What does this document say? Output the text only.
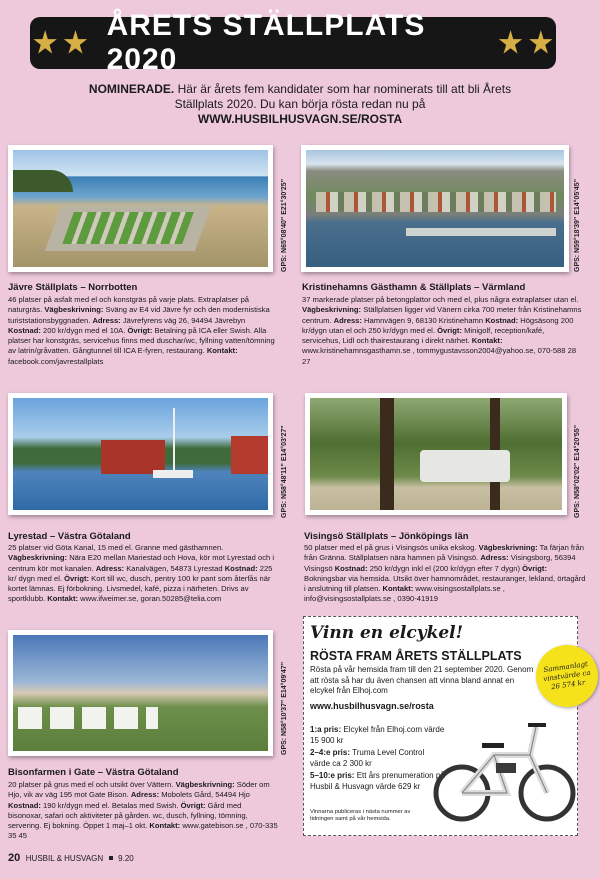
ÅRETS STÄLLPLATS 2020
NOMINERADE. Här är årets fem kandidater som har nominerats till att bli Årets Ställplats 2020. Du kan börja rösta redan nu på
WWW.HUSBILHUSVAGN.SE/ROSTA
GPS: N65°08'40" E21°30'25"
Jävre Ställplats – Norrbotten
46 platser på asfalt med el och konstgräs på varje plats. Extraplatser på naturgräs. Vägbeskrivning: Sväng av E4 vid Jävre fyr och den modernistiska turiststationsbyggnaden. Adress: Jävrefyrens väg 26, 94494 Jävrebyn Kostnad: 200 kr/dygn med el 10A. Övrigt: Betalning på ICA eller Swish. Alla platser har konstgräs, servicehus finns med duschar/wc, fyllning vatten/tömning av latrin/gråvatten. Gångtunnel till ICA E-fyren, restaurang. Kontakt: facebook.com/javrestallplats
GPS: N59°18'39" E14°05'45"
Kristinehamns Gästhamn & Ställplats – Värmland
37 markerade platser på betongplattor och med el, plus några extraplatser utan el. Vägbeskrivning: Ställplatsen ligger vid Vänern cirka 700 meter från Kristinehamns centrum. Adress: Hamnvägen 9, 68130 Kristinehamn Kostnad: Högsäsong 200 kr/dygn utan el och 250 kr/dygn med el. Övrigt: Minigolf, reception/kafé, servicehus, Lidl och thairestaurang i direkt närhet. Kontakt: www.kristinehamnsgasthamn.se , tommygustavsson2004@yahoo.se, 070-588 28 27
GPS: N58°48'11" E14°03'27"
Lyrestad – Västra Götaland
25 platser vid Göta Kanal, 15 med el. Granne med gästhamnen. Vägbeskrivning: Nära E20 mellan Mariestad och Hova, kör mot Lyrestad och i centrum kör mot kanalen. Adress: Kanalvägen, 54873 Lyrestad Kostnad: 225 kr/ dygn med el. Övrigt: Kort till wc, dusch, pentry 100 kr pant som återfås när kortet lämnas. Ej förbokning. Livsmedel, kafé, pizza i närheten. Drivs av sportklubb. Kontakt: www.ifweimer.se, goran.50285@telia.com
GPS: N58°02'02" E14°20'55"
Visingsö Ställplats – Jönköpings län
50 platser med el på grus i Visingsös unika ekskog. Vägbeskrivning: Ta färjan från från Gränna. Ställplatsen nära hamnen på Visingsö. Adress: Visingsborg, 56394 Visingsö Kostnad: 250 kr/dygn inkl el (200 kr/dygn efter 7 dygn) Övrigt: Bokningsbar via hemsida. Utsikt över hamnområdet, restauranger, lekland, örtagård i anslutning till platsen. Kontakt: www.visingsostallplats.se , info@visingsostallplats.se , 0390-41919
GPS: N58°10'37" E14°09'47"
Bisonfarmen i Gate – Västra Götaland
20 platser på grus med el och utsikt över Vättern. Vägbeskrivning: Söder om Hjo, vik av väg 195 mot Gate Bison. Adress: Mobolets Gård, 54494 Hjo Kostnad: 190 kr/dygn med el. Betalas med Swish. Övrigt: Gård med bisonoxar, safari och aktiviteter på gården. wc, dusch, fyllning, tömning, servering. Ej bokning. Öppet 1 maj–1 okt. Kontakt: www.gatebison.se , 070-335 35 45
Vinn en elcykel!
RÖSTA FRAM ÅRETS STÄLLPLATS
Rösta på vår hemsida fram till den 21 september 2020. Genom att rösta så har du även chansen att vinna bland annat en elcykel från Elhoj.com
www.husbilhusvagn.se/rosta
1:a pris: Elcykel från Elhoj.com värde 15 900 kr
2–4:e pris: Truma Level Control värde ca 2 300 kr
5–10:e pris: Ett års prenumeration på Husbil & Husvagn värde 629 kr
Vinnarna publiceras i nästa nummer av tidningen samt på vår hemsida.
Sammanlagt vinstvärde ca 26 574 kr
20 HUSBIL & HUSVAGN 9.20
